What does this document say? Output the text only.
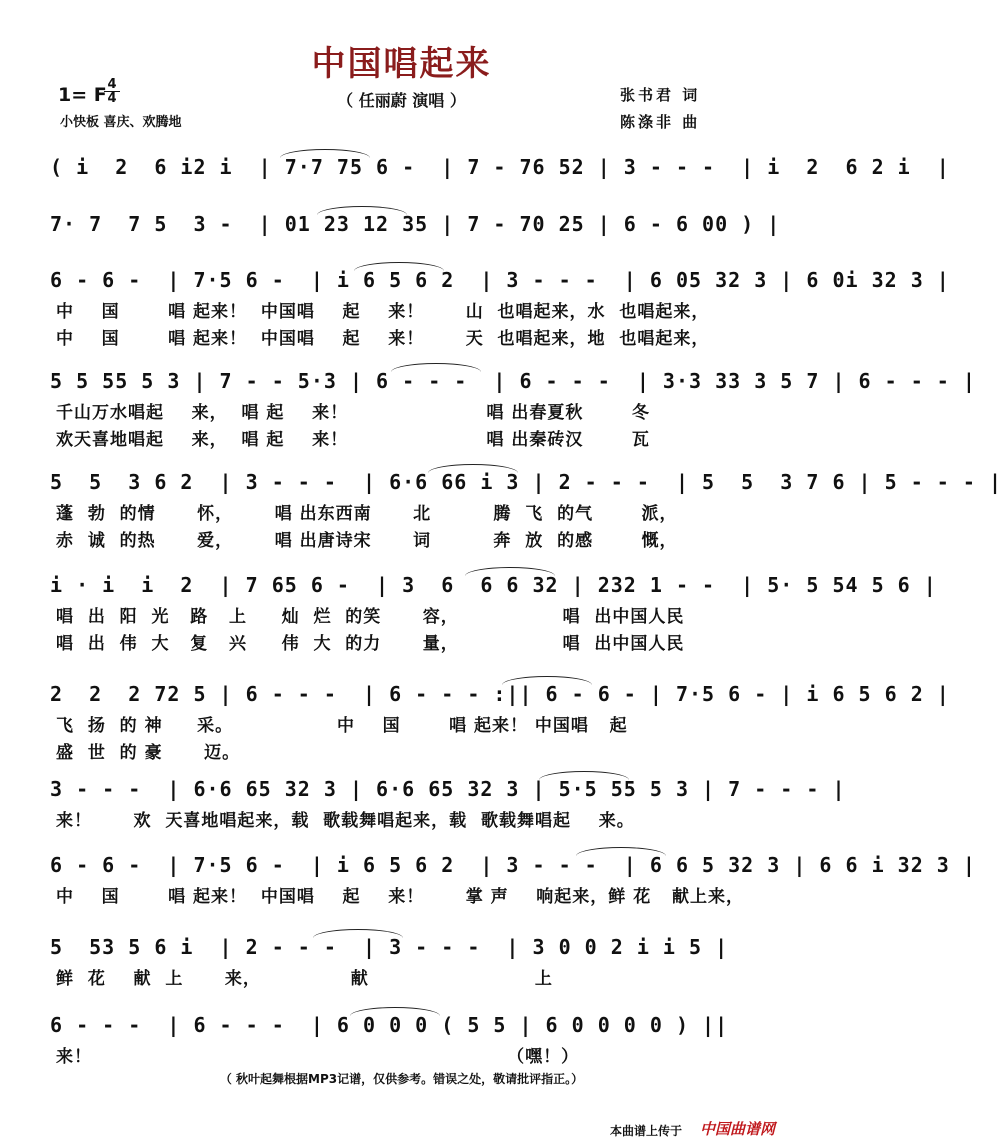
中国唱起来
1= F 4
4
小快板 喜庆、欢腾地
（ 任丽蔚 演唱 ）	张书君 词
陈涤非 曲
( i  2  6 i2 i  | 7·7 75 6 -  | 7 - 76 52 | 3 - - -  | i  2  6 2 i  |
7· 7  7 5  3 -  | 01 23 12 35 | 7 - 70 25 | 6 - 6 00 ) |
6 - 6 -  | 7·5 6 -  | i 6 5 6 2  | 3 - - -  | 6 05 32 3 | 6 0i 32 3 |
中    国       唱 起来！  中国唱    起    来！      山  也唱起来，水  也唱起来，
中    国       唱 起来！  中国唱    起    来！      天  也唱起来，地  也唱起来，
5 5 55 5 3 | 7 - - 5·3 | 6 - - -  | 6 - - -  | 3·3 33 3 5 7 | 6 - - - |
千山万水唱起    来，  唱 起    来！                    唱 出春夏秋       冬
欢天喜地唱起    来，  唱 起    来！                    唱 出秦砖汉       瓦
5  5  3 6 2  | 3 - - -  | 6·6 66 i 3 | 2 - - -  | 5  5  3 7 6 | 5 - - - |
蓬  勃  的情      怀，      唱 出东西南      北         腾  飞  的气       派，
赤  诚  的热      爱，      唱 出唐诗宋      词         奔  放  的感       慨，
i · i  i  2  | 7 65 6 -  | 3  6  6 6 32 | 232 1 - -  | 5· 5 54 5 6 |
唱  出  阳  光   路   上     灿  烂  的笑      容，               唱  出中国人民
唱  出  伟  大   复   兴     伟  大  的力      量，               唱  出中国人民
2  2  2 72 5 | 6 - - -  | 6 - - - :|| 6 - 6 - | 7·5 6 - | i 6 5 6 2 |
飞  扬  的 神     采。               中    国       唱 起来！ 中国唱   起
盛  世  的 豪      迈。
3 - - -  | 6·6 65 32 3 | 6·6 65 32 3 | 5·5 55 5 3 | 7 - - - |
来！      欢  天喜地唱起来，载  歌载舞唱起来，载  歌载舞唱起    来。
6 - 6 -  | 7·5 6 -  | i 6 5 6 2  | 3 - - -  | 6 6 5 32 3 | 6 6 i 32 3 |
中    国       唱 起来！  中国唱    起    来！      掌 声    响起来，鲜 花   献上来，
5  53 5 6 i  | 2 - - -  | 3 - - -  | 3 0 0 2 i i 5 |
鲜  花    献  上      来，             献                        上
6 - - -  | 6 - - -  | 6 0 0 0 ( 5 5 | 6 0 0 0 0 ) ||
来！                                                            （嘿！）
（ 秋叶起舞根据MP3记谱，仅供参考。错误之处，敬请批评指正。）
本曲谱上传于 中国曲谱网
